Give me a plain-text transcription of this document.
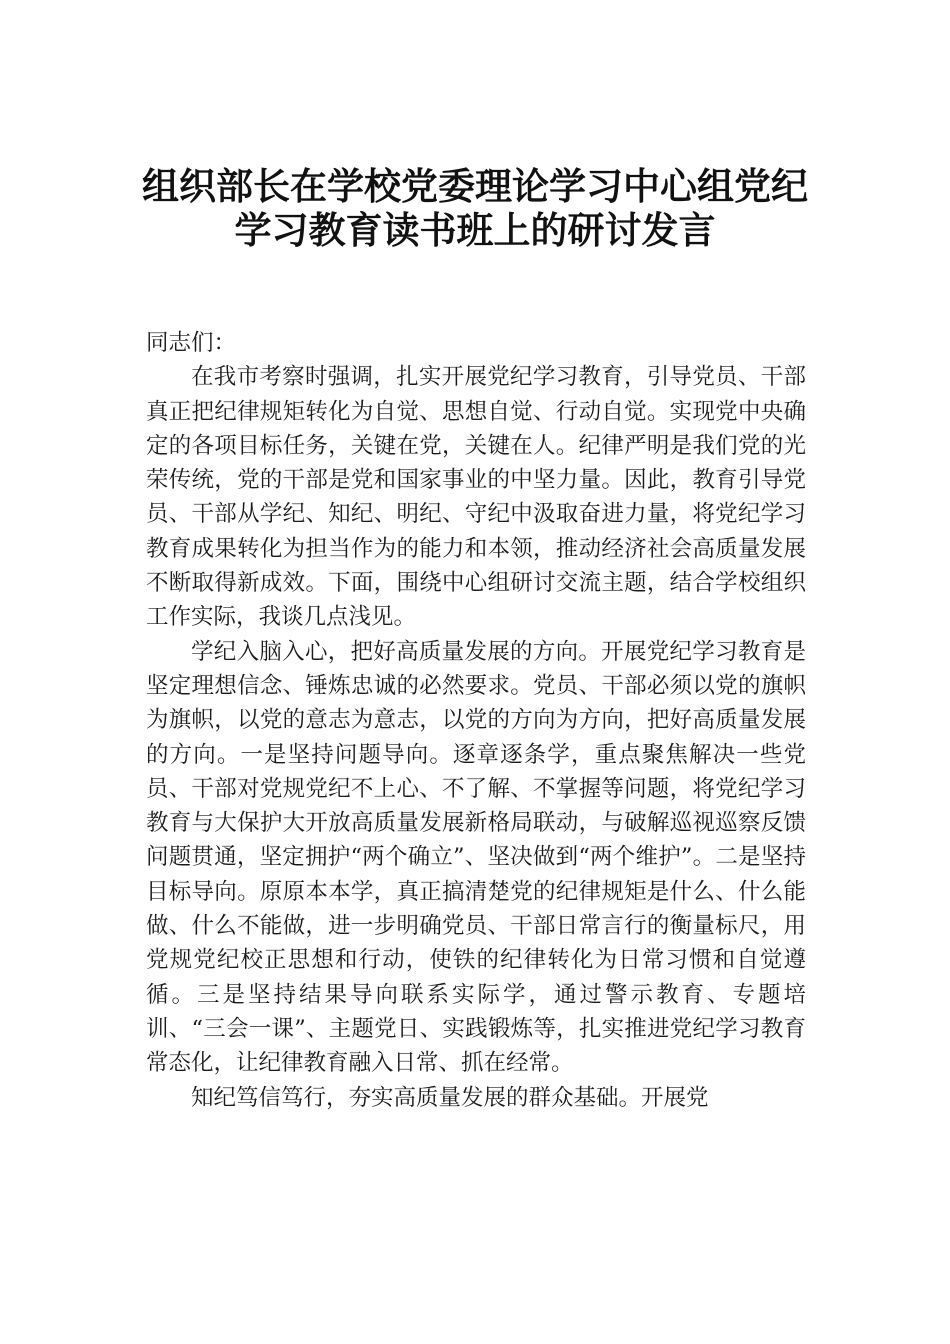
组织部长在学校党委理论学习中心组党纪
学习教育读书班上的研讨发言

同志们：

在我市考察时强调，扎实开展党纪学习教育，引导党员、干部真正把纪律规矩转化为自觉、思想自觉、行动自觉。实现党中央确定的各项目标任务，关键在党，关键在人。纪律严明是我们党的光荣传统，党的干部是党和国家事业的中坚力量。因此，教育引导党员、干部从学纪、知纪、明纪、守纪中汲取奋进力量，将党纪学习教育成果转化为担当作为的能力和本领，推动经济社会高质量发展不断取得新成效。下面，围绕中心组研讨交流主题，结合学校组织工作实际，我谈几点浅见。

学纪入脑入心，把好高质量发展的方向。开展党纪学习教育是坚定理想信念、锤炼忠诚的必然要求。党员、干部必须以党的旗帜为旗帜，以党的意志为意志，以党的方向为方向，把好高质量发展的方向。一是坚持问题导向。逐章逐条学，重点聚焦解决一些党员、干部对党规党纪不上心、不了解、不掌握等问题，将党纪学习教育与大保护大开放高质量发展新格局联动，与破解巡视巡察反馈问题贯通，坚定拥护“两个确立”、坚决做到“两个维护”。二是坚持目标导向。原原本本学，真正搞清楚党的纪律规矩是什么、什么能做、什么不能做，进一步明确党员、干部日常言行的衡量标尺，用党规党纪校正思想和行动，使铁的纪律转化为日常习惯和自觉遵循。三是坚持结果导向联系实际学，通过警示教育、专题培训、“三会一课”、主题党日、实践锻炼等，扎实推进党纪学习教育常态化，让纪律教育融入日常、抓在经常。

知纪笃信笃行，夯实高质量发展的群众基础。开展党
